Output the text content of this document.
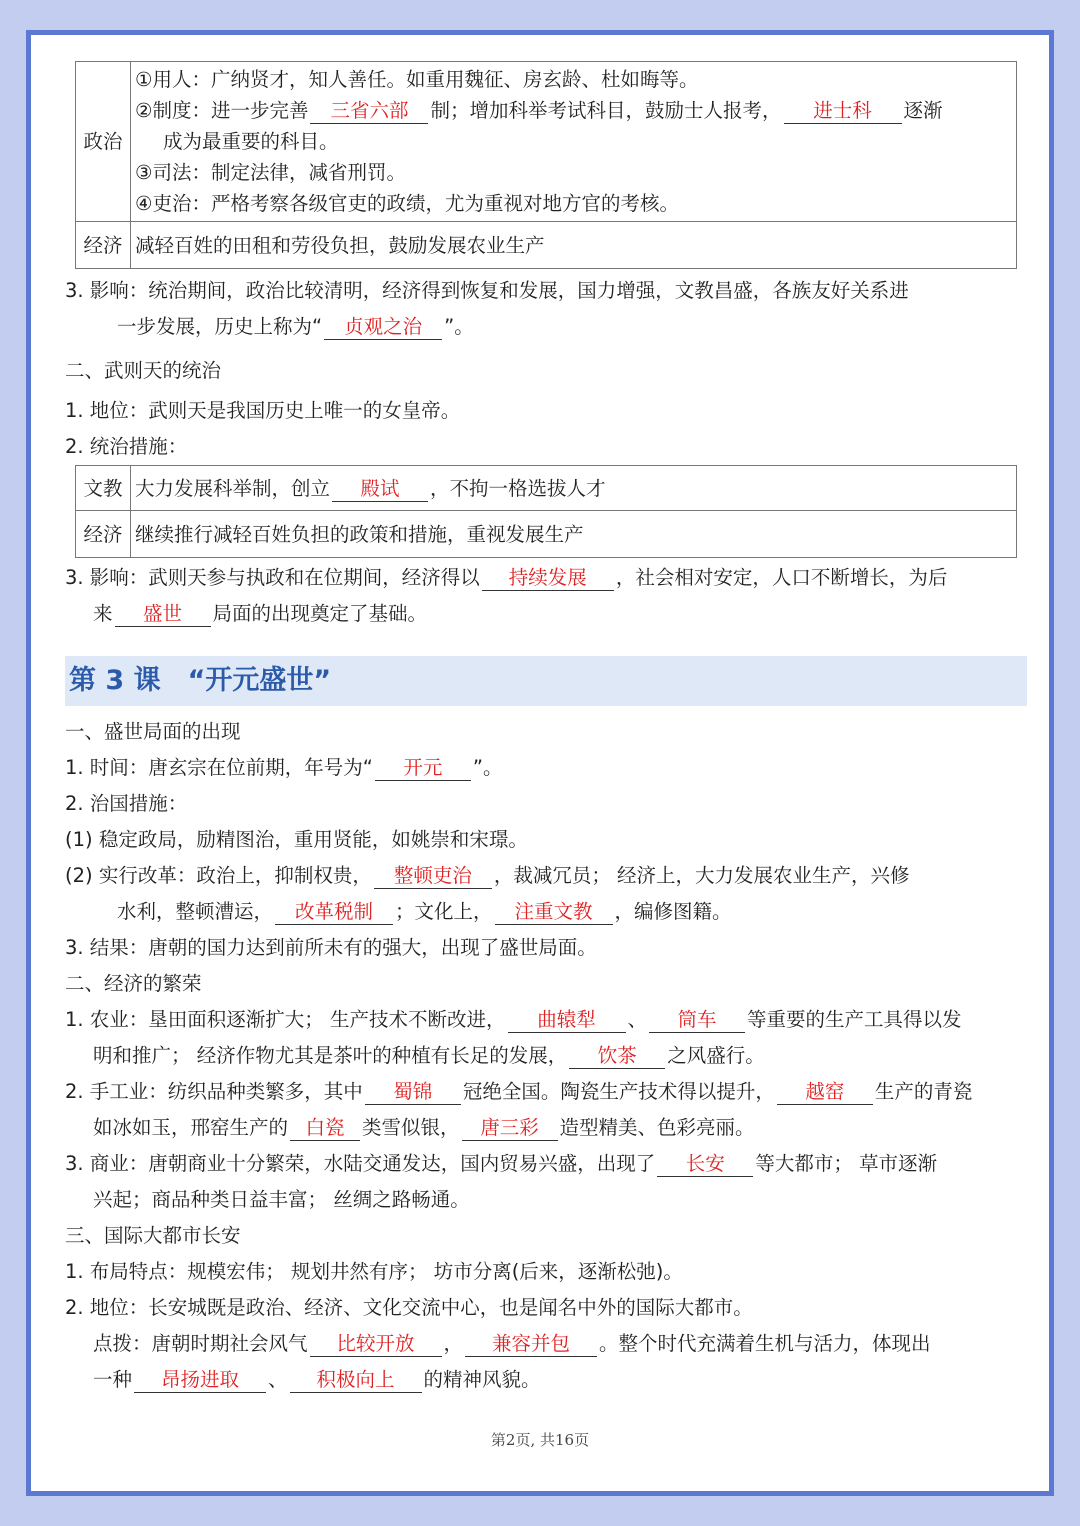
政治	①用人：广纳贤才，知人善任。如重用魏征、房玄龄、杜如晦等。
②制度：进一步完善 三省六部 制；增加科举考试科目，鼓励士人报考， 进士科 逐渐
成为最重要的科目。
③司法：制定法律，减省刑罚。
④吏治：严格考察各级官吏的政绩，尤为重视对地方官的考核。

经济	减轻百姓的田租和劳役负担，鼓励发展农业生产

3. 影响：统治期间，政治比较清明，经济得到恢复和发展，国力增强，文教昌盛，各族友好关系进

一步发展，历史上称为“ 贞观之治 ”。

二、武则天的统治

1. 地位：武则天是我国历史上唯一的女皇帝。

2. 统治措施：

文教	大力发展科举制，创立 殿试 ，不拘一格选拔人才
经济	继续推行减轻百姓负担的政策和措施，重视发展生产

3. 影响：武则天参与执政和在位期间，经济得以 持续发展 ，社会相对安定，人口不断增长，为后

来 盛世 局面的出现奠定了基础。

第 3 课　“开元盛世”

一、盛世局面的出现

1. 时间：唐玄宗在位前期，年号为“ 开元 ”。

2. 治国措施：

(1) 稳定政局，励精图治，重用贤能，如姚崇和宋璟。

(2) 实行改革：政治上，抑制权贵， 整顿吏治 ，裁减冗员； 经济上，大力发展农业生产，兴修

水利，整顿漕运， 改革税制 ；文化上， 注重文教 ，编修图籍。

3. 结果：唐朝的国力达到前所未有的强大，出现了盛世局面。

二、经济的繁荣

1. 农业：垦田面积逐渐扩大； 生产技术不断改进， 曲辕犁 、 筒车 等重要的生产工具得以发

明和推广； 经济作物尤其是茶叶的种植有长足的发展， 饮茶 之风盛行。

2. 手工业：纺织品种类繁多，其中 蜀锦 冠绝全国。陶瓷生产技术得以提升， 越窑 生产的青瓷

如冰如玉，邢窑生产的 白瓷 类雪似银， 唐三彩 造型精美、色彩亮丽。

3. 商业：唐朝商业十分繁荣，水陆交通发达，国内贸易兴盛，出现了 长安 等大都市； 草市逐渐

兴起；商品种类日益丰富； 丝绸之路畅通。

三、国际大都市长安

1. 布局特点：规模宏伟； 规划井然有序； 坊市分离(后来，逐渐松弛)。

2. 地位：长安城既是政治、经济、文化交流中心，也是闻名中外的国际大都市。

点拨：唐朝时期社会风气 比较开放 ， 兼容并包 。整个时代充满着生机与活力，体现出

一种 昂扬进取 、 积极向上 的精神风貌。

第2页, 共16页
